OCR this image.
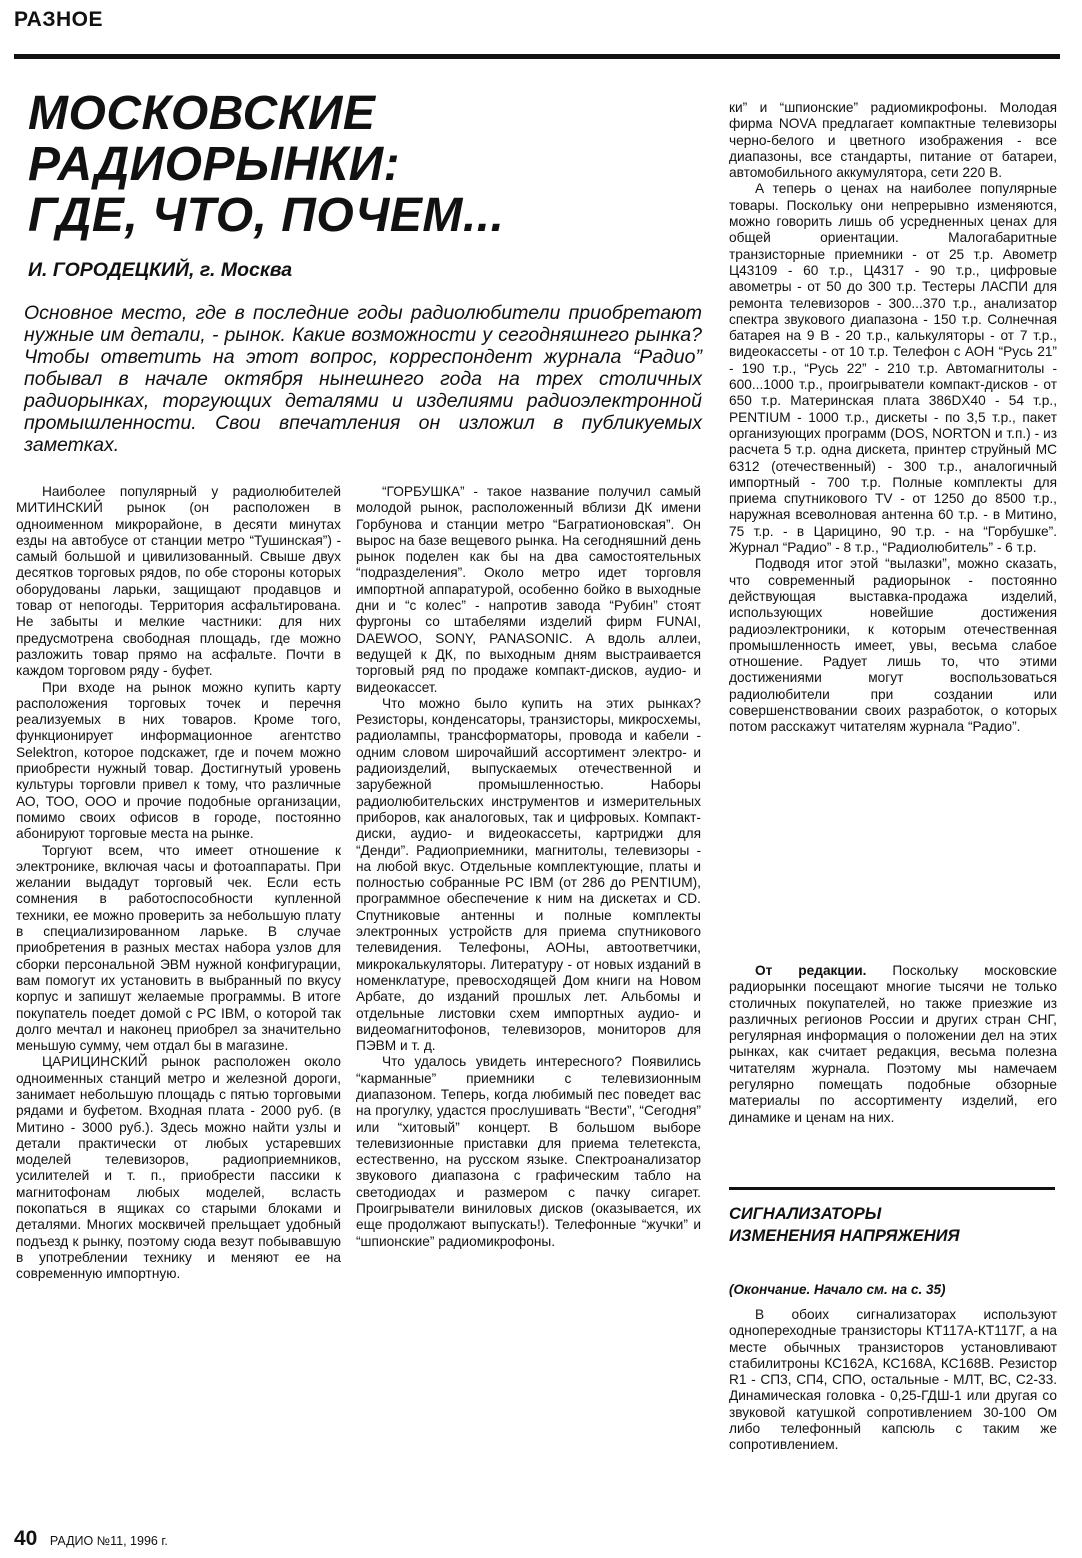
РАЗНОЕ
МОСКОВСКИЕ
РАДИОРЫНКИ:
ГДЕ, ЧТО, ПОЧЕМ...
И. ГОРОДЕЦКИЙ, г. Москва
Основное место, где в последние годы радиолюбители приобретают нужные им детали, - рынок. Какие возможности у сегодняшнего рынка? Чтобы ответить на этот вопрос, корреспондент журнала “Радио” побывал в начале октября нынешнего года на трех столичных радиорынках, торгующих деталями и изделиями радиоэлектронной промышленности. Свои впечатления он изложил в публикуемых заметках.

Наиболее популярный у радиолюбителей МИТИНСКИЙ рынок (он расположен в одноименном микрорайоне, в десяти минутах езды на автобусе от станции метро “Тушинская”) - самый большой и цивилизованный. Свыше двух десятков торговых рядов, по обе стороны которых оборудованы ларьки, защищают продавцов и товар от непогоды. Территория асфальтирована. Не забыты и мелкие частники: для них предусмотрена свободная площадь, где можно разложить товар прямо на асфальте. Почти в каждом торговом ряду - буфет.

При входе на рынок можно купить карту расположения торговых точек и перечня реализуемых в них товаров. Кроме того, функционирует информационное агентство Selektron, которое подскажет, где и почем можно приобрести нужный товар. Достигнутый уровень культуры торговли привел к тому, что различные АО, ТОО, ООО и прочие подобные организации, помимо своих офисов в городе, постоянно абонируют торговые места на рынке.

Торгуют всем, что имеет отношение к электронике, включая часы и фотоаппараты. При желании выдадут торговый чек. Если есть сомнения в работоспособности купленной техники, ее можно проверить за небольшую плату в специализированном ларьке. В случае приобретения в разных местах набора узлов для сборки персональной ЭВМ нужной конфигурации, вам помогут их установить в выбранный по вкусу корпус и запишут желаемые программы. В итоге покупатель поедет домой с PC IBM, о которой так долго мечтал и наконец приобрел за значительно меньшую сумму, чем отдал бы в магазине.

ЦАРИЦИНСКИЙ рынок расположен около одноименных станций метро и железной дороги, занимает небольшую площадь с пятью торговыми рядами и буфетом. Входная плата - 2000 руб. (в Митино - 3000 руб.). Здесь можно найти узлы и детали практически от любых устаревших моделей телевизоров, радиоприемников, усилителей и т. п., приобрести пассики к магнитофонам любых моделей, всласть покопаться в ящиках со старыми блоками и деталями. Многих москвичей прельщает удобный подъезд к рынку, поэтому сюда везут побывавшую в употреблении технику и меняют ее на современную импортную.

“ГОРБУШКА” - такое название получил самый молодой рынок, расположенный вблизи ДК имени Горбунова и станции метро “Багратионовская”. Он вырос на базе вещевого рынка. На сегодняшний день рынок поделен как бы на два самостоятельных “подразделения”. Около метро идет торговля импортной аппаратурой, особенно бойко в выходные дни и “с колес” - напротив завода “Рубин” стоят фургоны со штабелями изделий фирм FUNAI, DAEWOO, SONY, PANASONIC. А вдоль аллеи, ведущей к ДК, по выходным дням выстраивается торговый ряд по продаже компакт-дисков, аудио- и видеокассет.

Что можно было купить на этих рынках? Резисторы, конденсаторы, транзисторы, микросхемы, радиолампы, трансформаторы, провода и кабели - одним словом широчайший ассортимент электро- и радиоизделий, выпускаемых отечественной и зарубежной промышленностью. Наборы радиолюбительских инструментов и измерительных приборов, как аналоговых, так и цифровых. Компакт-диски, аудио- и видеокассеты, картриджи для “Денди”. Радиоприемники, магнитолы, телевизоры - на любой вкус. Отдельные комплектующие, платы и полностью собранные PC IBM (от 286 до PENTIUM), программное обеспечение к ним на дискетах и CD. Спутниковые антенны и полные комплекты электронных устройств для приема спутникового телевидения. Телефоны, АОНы, автоответчики, микрокалькуляторы. Литературу - от новых изданий в номенклатуре, превосходящей Дом книги на Новом Арбате, до изданий прошлых лет. Альбомы и отдельные листовки схем импортных аудио- и видеомагнитофонов, телевизоров, мониторов для ПЭВМ и т. д.

Что удалось увидеть интересного? Появились “карманные” приемники с телевизионным диапазоном. Теперь, когда любимый пес поведет вас на прогулку, удастся прослушивать “Вести”, “Сегодня” или “хитовый” концерт. В большом выборе телевизионные приставки для приема телетекста, естественно, на русском языке. Спектроанализатор звукового диапазона с графическим табло на светодиодах и размером с пачку сигарет. Проигрыватели виниловых дисков (оказывается, их еще продолжают выпускать!). Телефонные “жучки” и “шпионские” радиомикрофоны.

ки” и “шпионские” радиомикрофоны. Молодая фирма NOVA предлагает компактные телевизоры черно-белого и цветного изображения - все диапазоны, все стандарты, питание от батареи, автомобильного аккумулятора, сети 220 В.

А теперь о ценах на наиболее популярные товары. Поскольку они непрерывно изменяются, можно говорить лишь об усредненных ценах для общей ориентации. Малогабаритные транзисторные приемники - от 25 т.р. Авометр Ц43109 - 60 т.р., Ц4317 - 90 т.р., цифровые авометры - от 50 до 300 т.р. Тестеры ЛАСПИ для ремонта телевизоров - 300...370 т.р., анализатор спектра звукового диапазона - 150 т.р. Солнечная батарея на 9 В - 20 т.р., калькуляторы - от 7 т.р., видеокассеты - от 10 т.р. Телефон с АОН “Русь 21” - 190 т.р., “Русь 22” - 210 т.р. Автомагнитолы - 600...1000 т.р., проигрыватели компакт-дисков - от 650 т.р. Материнская плата 386DX40 - 54 т.р., PENTIUM - 1000 т.р., дискеты - по 3,5 т.р., пакет организующих программ (DOS, NORTON и т.п.) - из расчета 5 т.р. одна дискета, принтер струйный МС 6312 (отечественный) - 300 т.р., аналогичный импортный - 700 т.р. Полные комплекты для приема спутникового TV - от 1250 до 8500 т.р., наружная всеволновая антенна 60 т.р. - в Митино, 75 т.р. - в Царицино, 90 т.р. - на “Горбушке”. Журнал “Радио” - 8 т.р., “Радиолюбитель” - 6 т.р.

Подводя итог этой “вылазки”, можно сказать, что современный радиорынок - постоянно действующая выставка-продажа изделий, использующих новейшие достижения радиоэлектроники, к которым отечественная промышленность имеет, увы, весьма слабое отношение. Радует лишь то, что этими достижениями могут воспользоваться радиолюбители при создании или совершенствовании своих разработок, о которых потом расскажут читателям журнала “Радио”.

От редакции. Поскольку московские радиорынки посещают многие тысячи не только столичных покупателей, но также приезжие из различных регионов России и других стран СНГ, регулярная информация о положении дел на этих рынках, как считает редакция, весьма полезна читателям журнала. Поэтому мы намечаем регулярно помещать подобные обзорные материалы по ассортименту изделий, его динамике и ценам на них.

СИГНАЛИЗАТОРЫ
ИЗМЕНЕНИЯ НАПРЯЖЕНИЯ
(Окончание. Начало см. на с. 35)

В обоих сигнализаторах используют однопереходные транзисторы КТ117А-КТ117Г, а на месте обычных транзисторов установливают стабилитроны КС162А, КС168А, КС168В. Резистор R1 - СП3, СП4, СПО, остальные - МЛТ, ВС, С2-33. Динамическая головка - 0,25-ГДШ-1 или другая со звуковой катушкой сопротивлением 30-100 Ом либо телефонный капсюль с таким же сопротивлением.

40 РАДИО №11, 1996 г.
